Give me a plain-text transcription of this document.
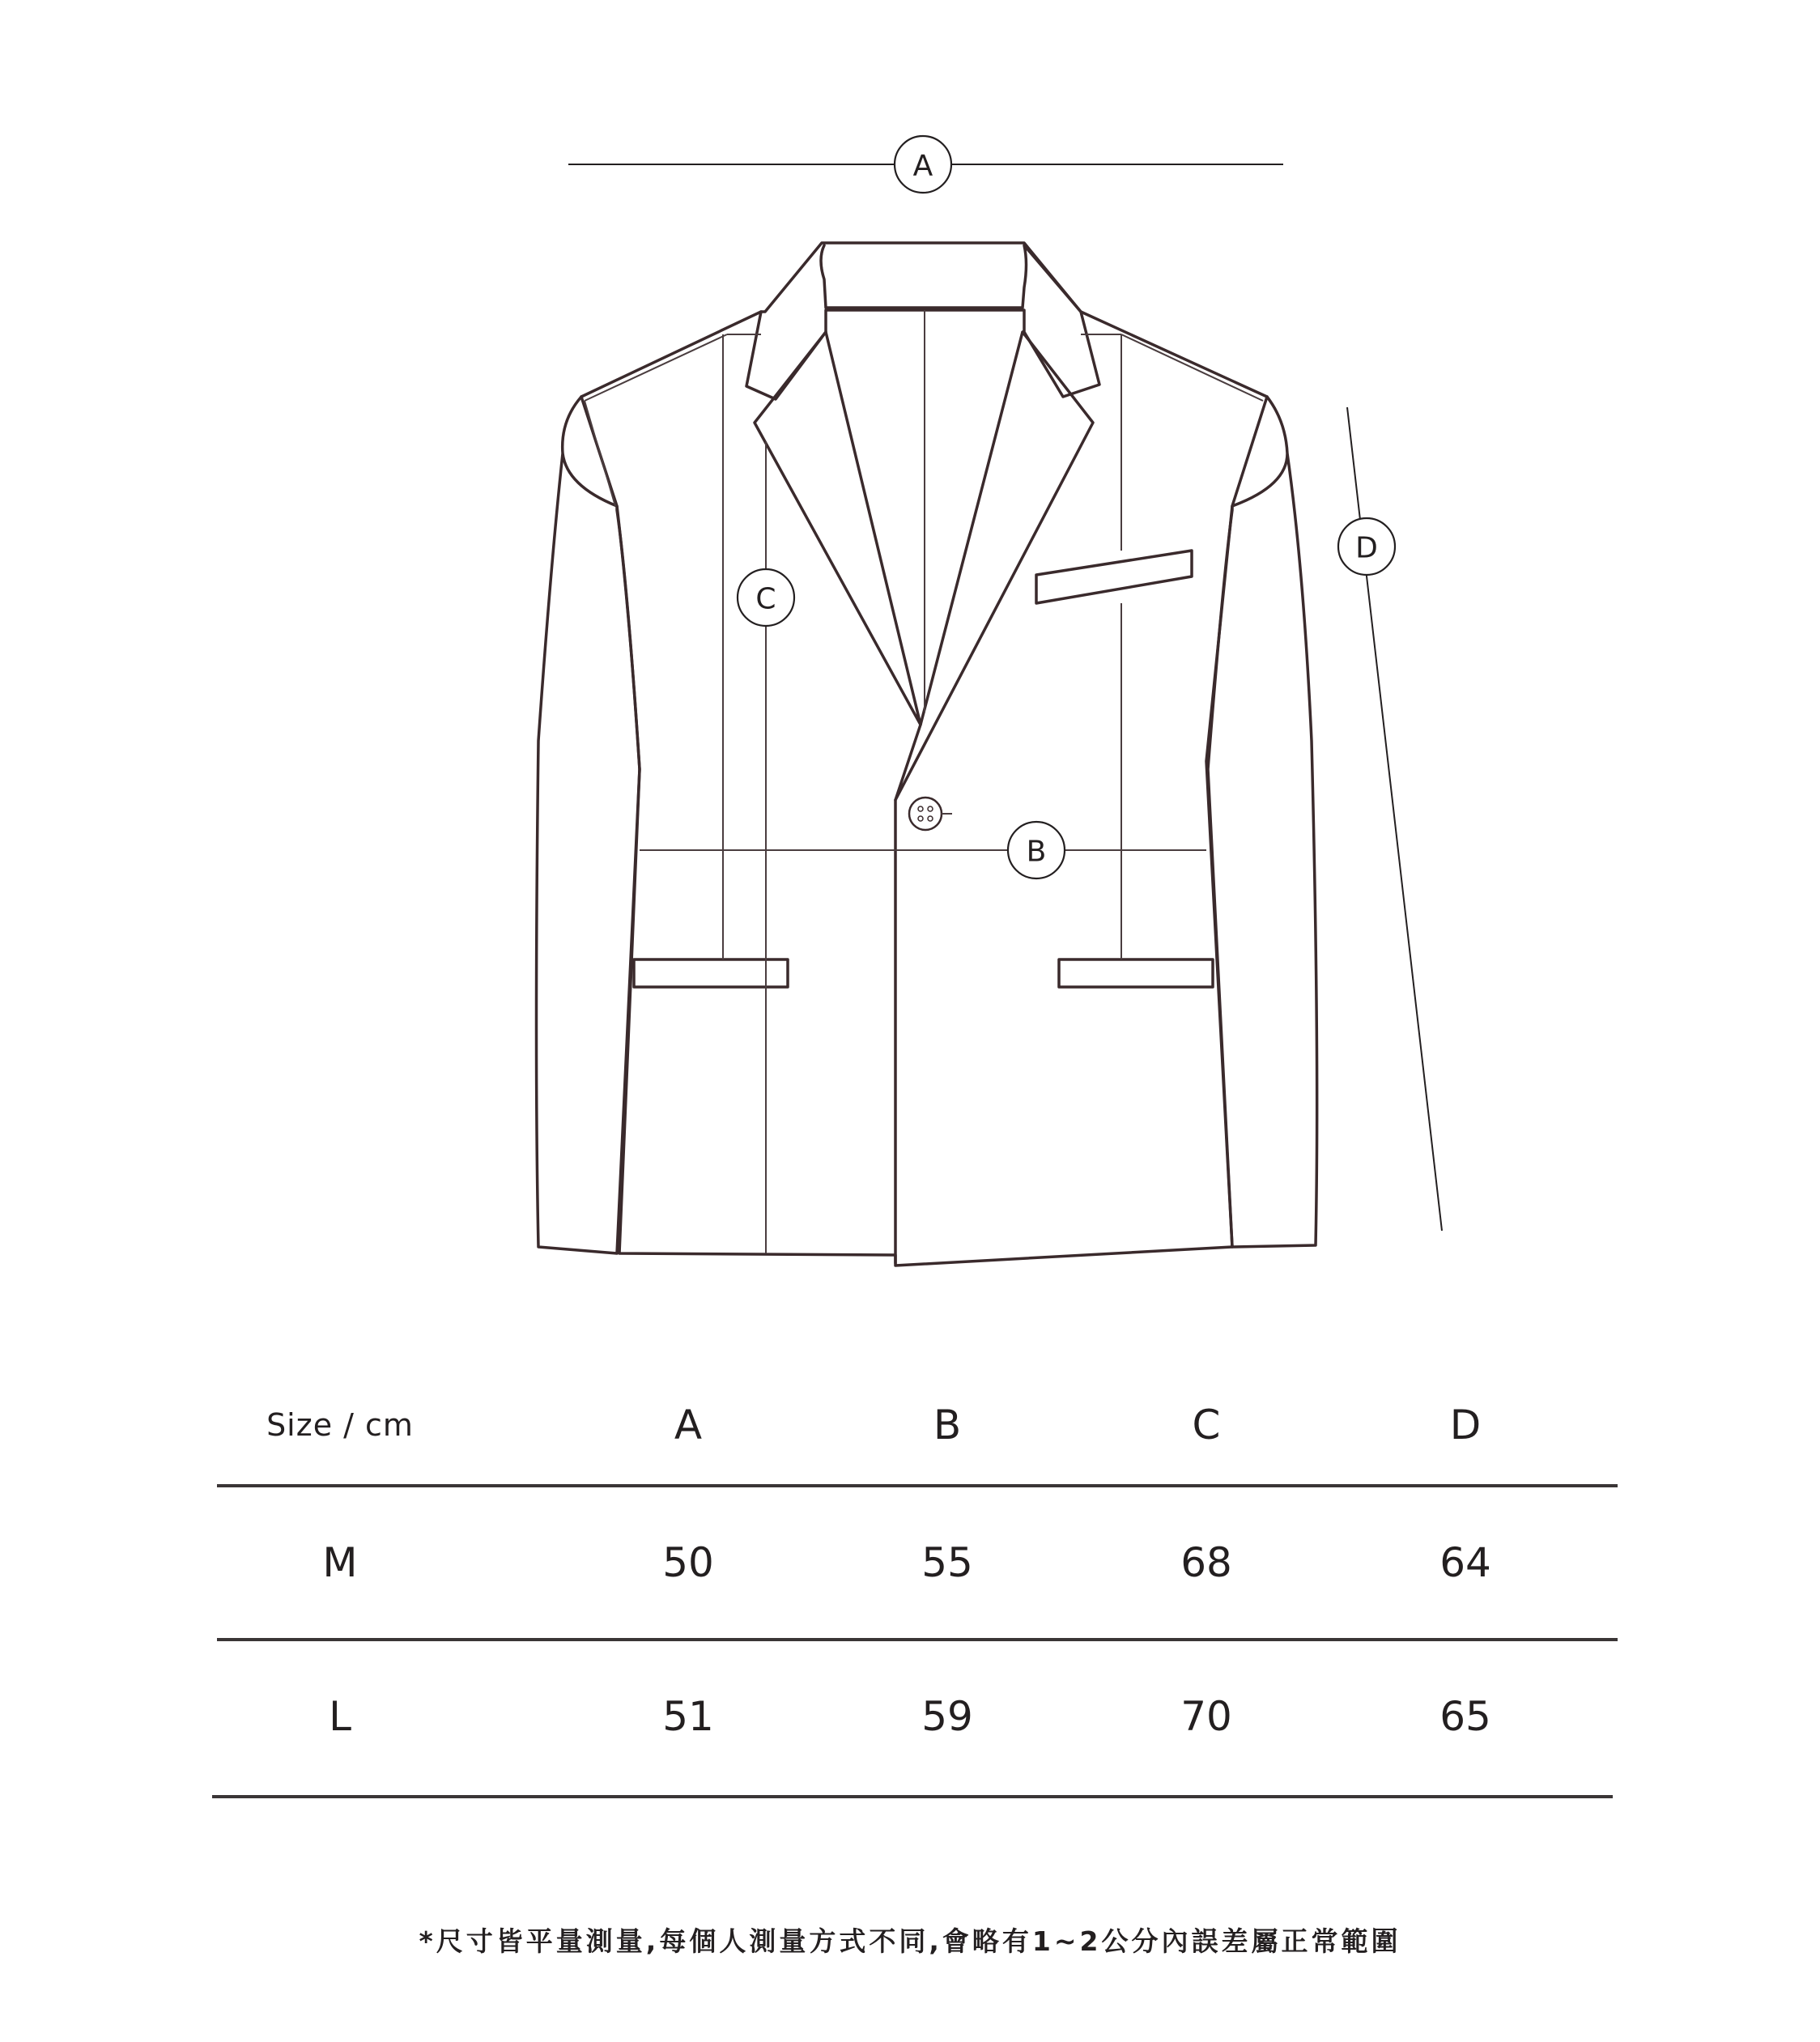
A
B
C
D
Size / cm	A	B	C	D
M	50	55	68	64
L	51	59	70	65
*尺寸皆平量測量,每個人測量方式不同,會略有1~2公分內誤差屬正常範圍
